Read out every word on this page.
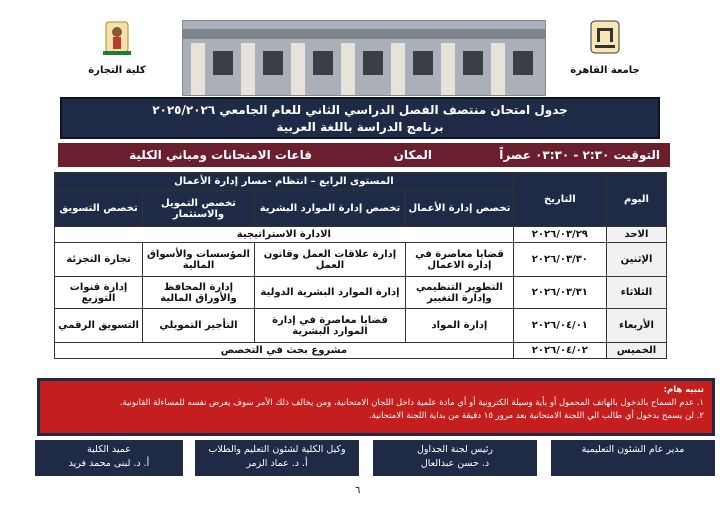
كلية التجارة	جامعة القاهرة
جدول امتحان منتصف الفصل الدراسي الثاني للعام الجامعي ٢٠٢٥/٢٠٢٦
برنامج الدراسة باللغة العربية
التوقيت ٢:٣٠ - ٠٣:٣٠ عصراً
المكان
قاعات الامتحانات ومباني الكلية
اليوم	التاريخ	المستوى الرابع – انتظام -مسار إدارة الأعمال			
		تخصص إدارة الأعمال	تخصص إدارة الموارد البشرية	تخصص التمويل والاستثمار	تخصص التسويق
الاحد	٢٠٢٦/٠٣/٢٩	الادارة الاستراتيجية			
الإثنين	٢٠٢٦/٠٣/٣٠	قضايا معاصرة في إدارة الاعمال	إدارة علاقات العمل وقانون العمل	المؤسسات والأسواق المالية	تجارة التجزئة
الثلاثاء	٢٠٢٦/٠٣/٣١	التطوير التنظيمي وإدارة التغيير	إدارة الموارد البشرية الدولية	إدارة المحافظ والأوراق المالية	إدارة قنوات التوزيع
الأربعاء	٢٠٢٦/٠٤/٠١	إدارة المواد	قضايا معاصرة في إدارة الموارد البشرية	التأجير التمويلي	التسويق الرقمي
الخميس	٢٠٢٦/٠٤/٠٢	مشروع بحث في التخصص			
تنبيه هام:
١. عدم السماح بالدخول بالهاتف المحمول أو بأية وسيلة الكترونية أو أي مادة علمية داخل اللجان الامتحانية، ومن يخالف ذلك الأمر سوف يعرض نفسه للمساءلة القانونية.
٢. لن يسمح بدخول أي طالب الي اللجنة الامتحانية بعد مرور ١٥ دقيقة من بداية اللجنة الامتحانية.
مدير عام الشئون التعليمية
رئيس لجنة الجداول
د. حسن عبدالعال
وكيل الكلية لشئون التعليم والطلاب
أ. د. عماد الزمر
عميد الكلية
أ. د. لبنى محمد فريد
٦
